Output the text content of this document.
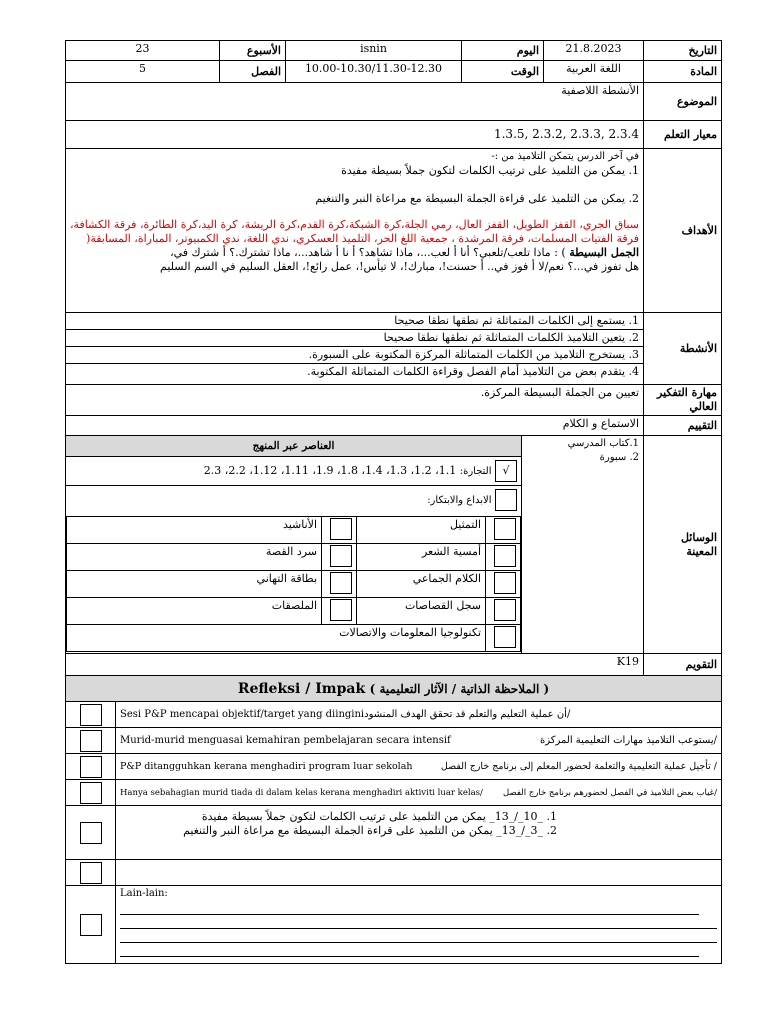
التاريخ	21.8.2023	اليوم	isnin	الأسبوع	23
المادة	اللغة العربية	الوقت	10.00-10.30/11.30-12.30	الفصل	5
الموضوع	الأنشطة اللاصفية
معيار التعلم	1.3.5, 2.3.2, 2.3.3, 2.3.4
الأهداف	
في آخر الدرس يتمكن التلاميذ من :-
1. يمكن من التلميذ على ترتيب الكلمات لتكون جملاً بسيطة مفيدة
2. يمكن من التلميذ على قراءة الجملة البسيطة مع مراعاة النبر والتنغيم
سباق الجري، القفز الطويل، القفز العال، رمي الجلة،كرة الشبكة،كرة القدم،كرة الريشة، كرة اليد،كرة الطائرة، فرقة الكشافة، فرقة الفتيات المسلمات، فرقة المرشدة ، جمعية اللغ الحر، التلميذ العسكري، ندي اللغة، ندي الكمبيوتر، المباراة، المسابقة(
الجمل البسيطة ) : ماذا تلعب/تلعبي؟ أنا أ لعب...، ماذا تشاهد؟ أ نا أ شاهد...، ماذا تشترك.؟ أ شترك في،
هل تفوز في...؟ نعم/لا أ فوز في.. أ حسنت!، مبارك!، لا تيأس!، عمل رائع!، العقل السليم في السم السليم

الأنشطة	
1. يستمع إلى الكلمات المتماثلة ثم نطقها نطقا صحيحا
2. يتعين التلاميذ الكلمات المتماثلة ثم نطقها نطقا صحيحا
3. يستخرج التلاميذ من الكلمات المتماثلة المركزة المكتوبة على السبورة.
4. يتقدم بعض من التلاميذ أمام الفصل وقراءة الكلمات المتماثلة المكتوبة.

مهارة التفكير العالي	تعيين من الجملة البسيطة المركزة.
التقييم	الاستماع و الكلام
الوسائل المعينة	
1.كتاب المدرسي
2. سبورة

العناصر عبر المنهج
√ التجارة: 1.1، 1.2، 1.3، 1.4، 1.8، 1.9، 1.11، 1.12، 2.2، 2.3
الابداع والابتكار:
	التمثيل		الأناشيد
	أمسية الشعر		سرد القصة
	الكلام الجماعي		بطاقة التهاني
	سجل القصاصات		الملصقات
	تكنولوجيا المعلومات والاتصالات

التقويم	K19
Refleksi / Impak ( الملاحظة الذاتية / الآثار التعليمية )	
	Sesi P&P mencapai objektif/target yang diinginiأن عملية التعليم والتعلم قد تحقق الهدف المنشود/
	Murid-murid menguasai kemahiran pembelajaran secara intensif يستوعب التلاميذ مهارات التعليمية المركزة/

	P&P ditangguhkan kerana menghadiri program luar sekolah تأجيل عملية التعليمية والتعلمة لحضور المعلم إلى برنامج خارج الفصل /

	Hanya sebahagian murid tiada di dalam kelas kerana menghadiri aktiviti luar kelas/ غياب بعض التلاميذ في الفصل لحضورهم برنامج خارج الفصل/

	1. _10_/_13_ يمكن من التلميذ على ترتيب الكلمات لتكون جملاً بسيطة مفيدة
2. _3_/_13_ يمكن من التلميذ على قراءة الجملة البسيطة مع مراعاة النبر والتنغيم

	Lain-lain:
